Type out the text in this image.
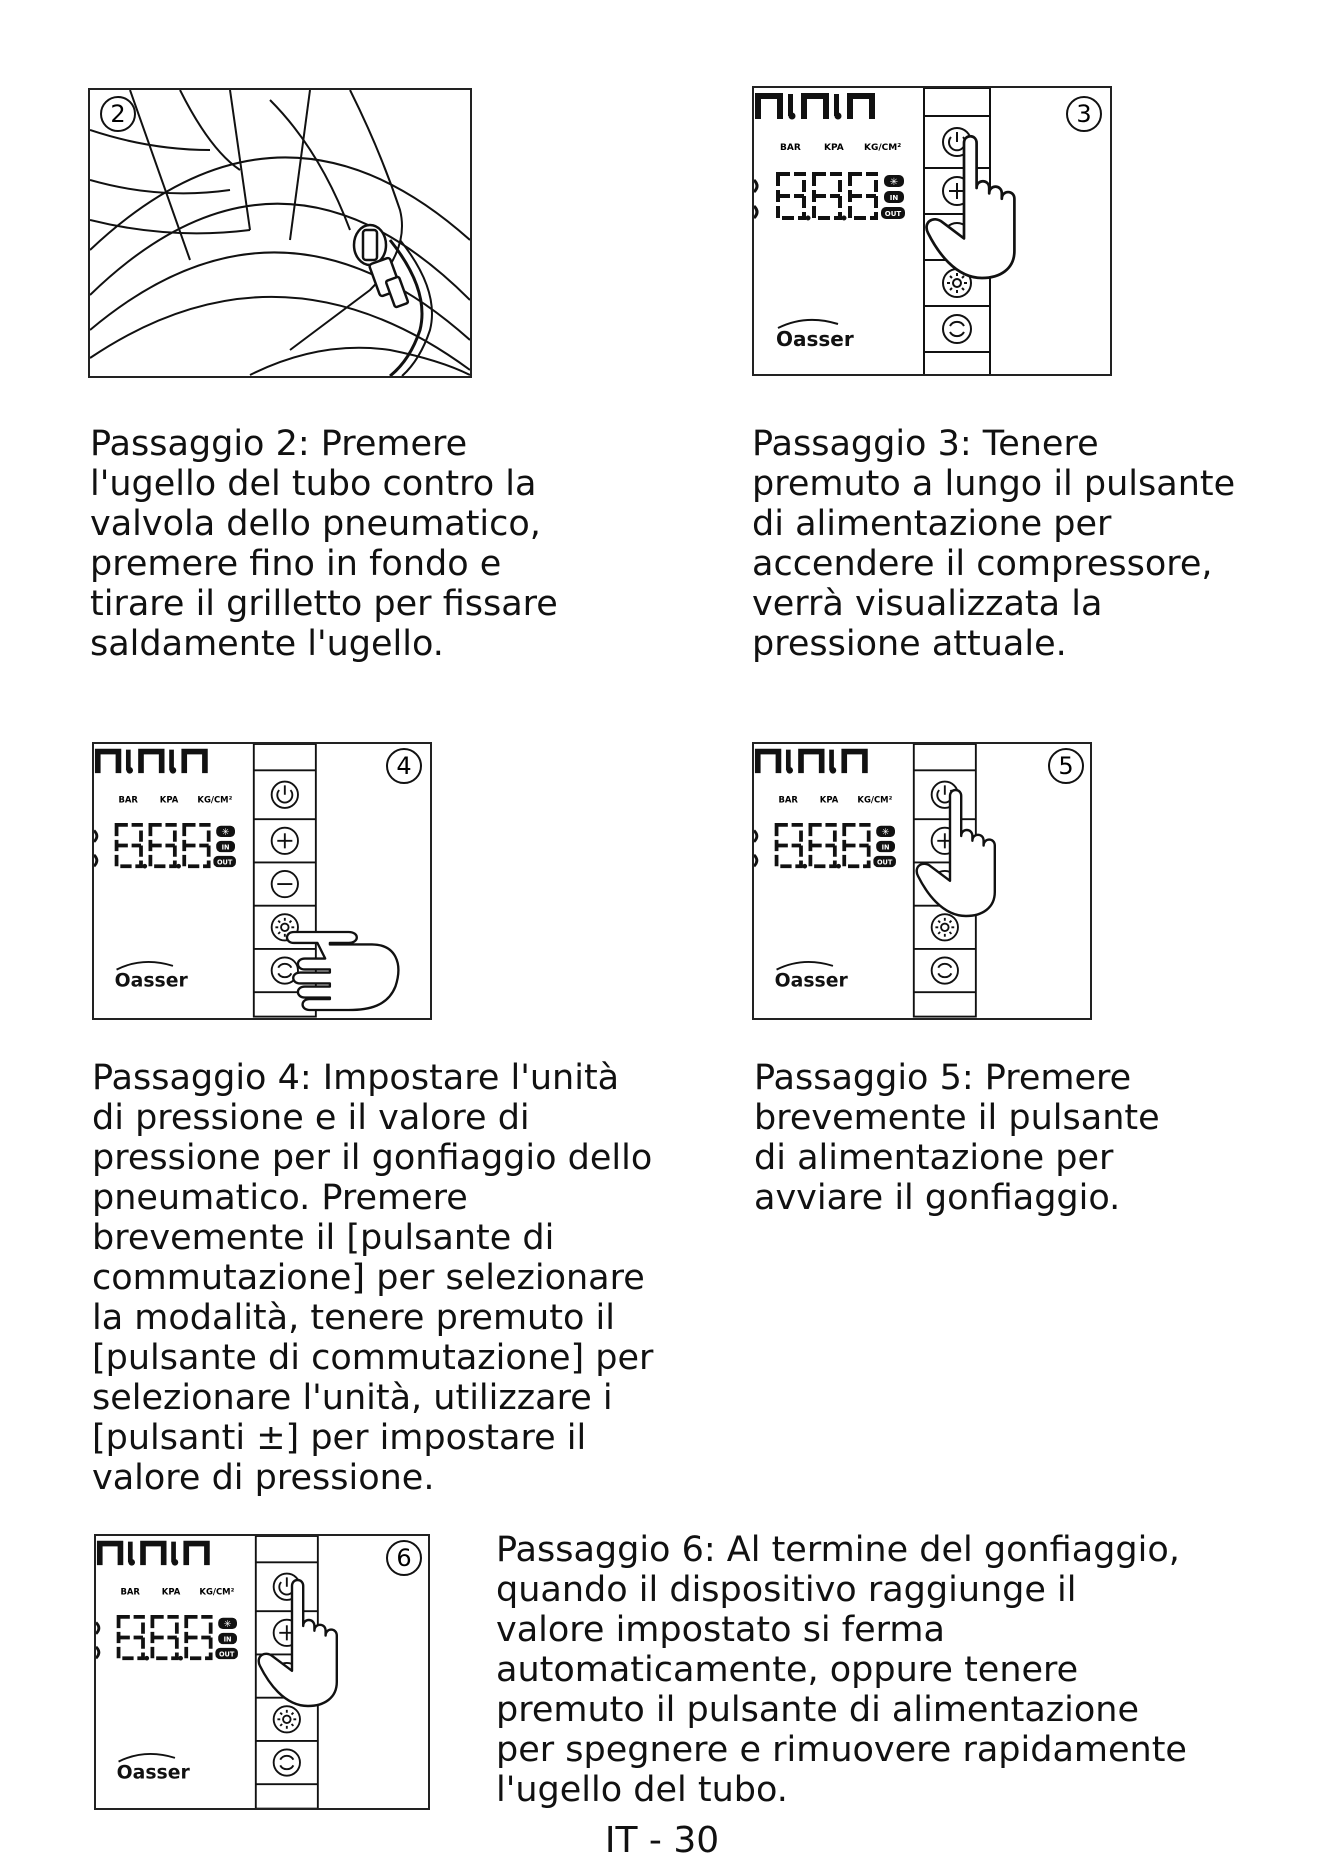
2	3
Passaggio 2: Premere
l'ugello del tubo contro la
valvola dello pneumatico,
premere fino in fondo e
tirare il grilletto per fissare
saldamente l'ugello.
Passaggio 3: Tenere
premuto a lungo il pulsante
di alimentazione per
accendere il compressore,
verrà visualizzata la
pressione attuale.
4	5
Passaggio 4: Impostare l'unità
di pressione e il valore di
pressione per il gonfiaggio dello
pneumatico. Premere
brevemente il [pulsante di
commutazione] per selezionare
la modalità, tenere premuto il
[pulsante di commutazione] per
selezionare l'unità, utilizzare i
[pulsanti ±] per impostare il
valore di pressione.
Passaggio 5: Premere
brevemente il pulsante
di alimentazione per
avviare il gonfiaggio.
6 Passaggio 6: Al termine del gonfiaggio,
quando il dispositivo raggiunge il
valore impostato si ferma
automaticamente, oppure tenere
premuto il pulsante di alimentazione
per spegnere e rimuovere rapidamente
l'ugello del tubo.
IT - 30
